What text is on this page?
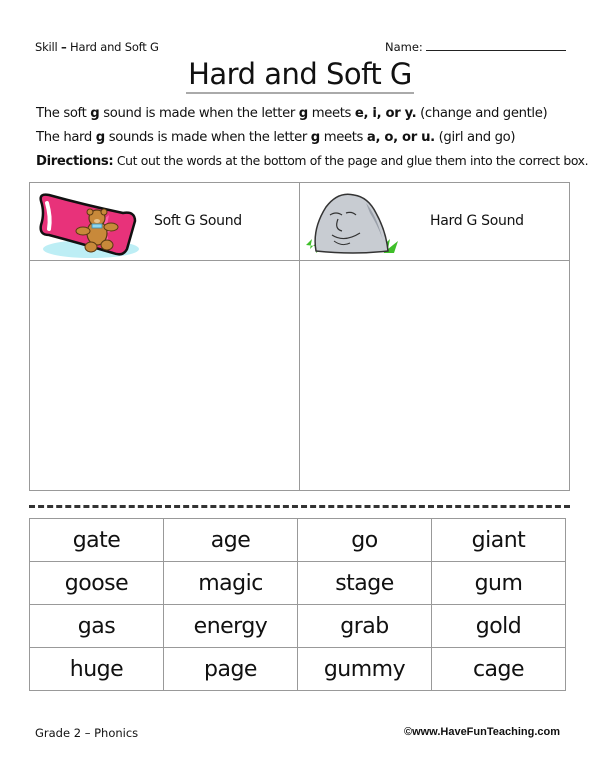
Skill – Hard and Soft G	Name:
Hard and Soft G
The soft g sound is made when the letter g meets e, i, or y. (change and gentle)
The hard g sounds is made when the letter g meets a, o, or u. (girl and go)
Directions: Cut out the words at the bottom of the page and glue them into the correct box.
Soft G Sound	Hard G Sound
gate	age	go	giant
goose	magic	stage	gum
gas	energy	grab	gold
huge	page	gummy	cage
Grade 2 – Phonics	©www.HaveFunTeaching.com
